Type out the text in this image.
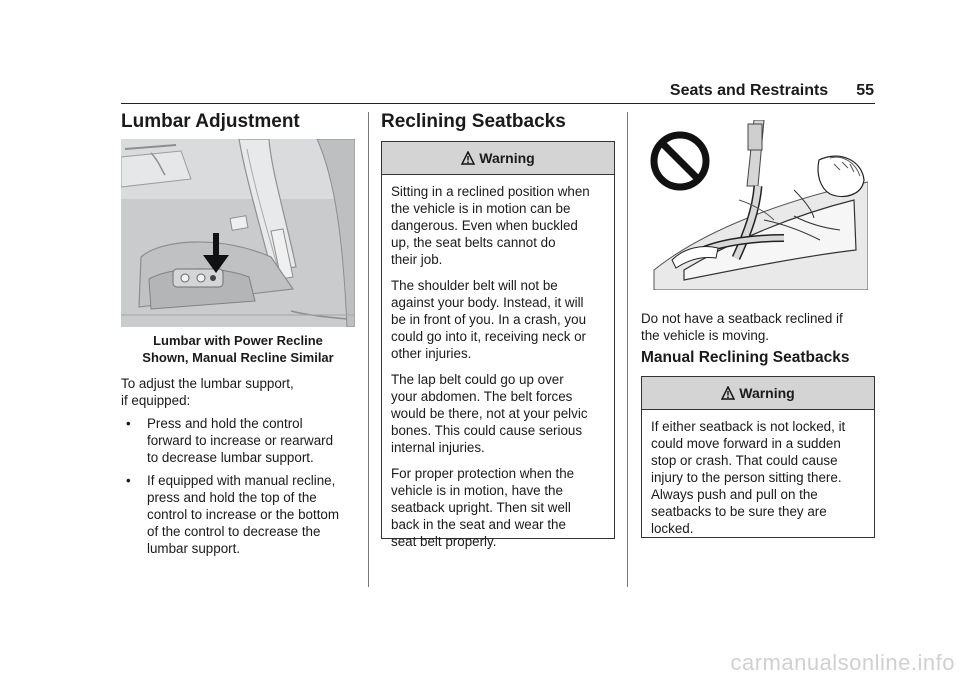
Seats and Restraints 55
Lumbar Adjustment
Lumbar with Power Recline
Shown, Manual Recline Similar

To adjust the lumbar support,

if equipped:

• Press and hold the control
forward to increase or rearward
to decrease lumbar support.
• If equipped with manual recline,
press and hold the top of the
control to increase or the bottom
of the control to decrease the
lumbar support.
Reclining Seatbacks
Warning

Sitting in a reclined position when
the vehicle is in motion can be
dangerous. Even when buckled
up, the seat belts cannot do
their job.

The shoulder belt will not be
against your body. Instead, it will
be in front of you. In a crash, you
could go into it, receiving neck or
other injuries.

The lap belt could go up over
your abdomen. The belt forces
would be there, not at your pelvic
bones. This could cause serious
internal injuries.

For proper protection when the
vehicle is in motion, have the
seatback upright. Then sit well
back in the seat and wear the
seat belt properly.

Do not have a seatback reclined if

the vehicle is moving.

Manual Reclining Seatbacks
Warning

If either seatback is not locked, it
could move forward in a sudden
stop or crash. That could cause
injury to the person sitting there.
Always push and pull on the
seatbacks to be sure they are
locked.

carmanualsonline.info
